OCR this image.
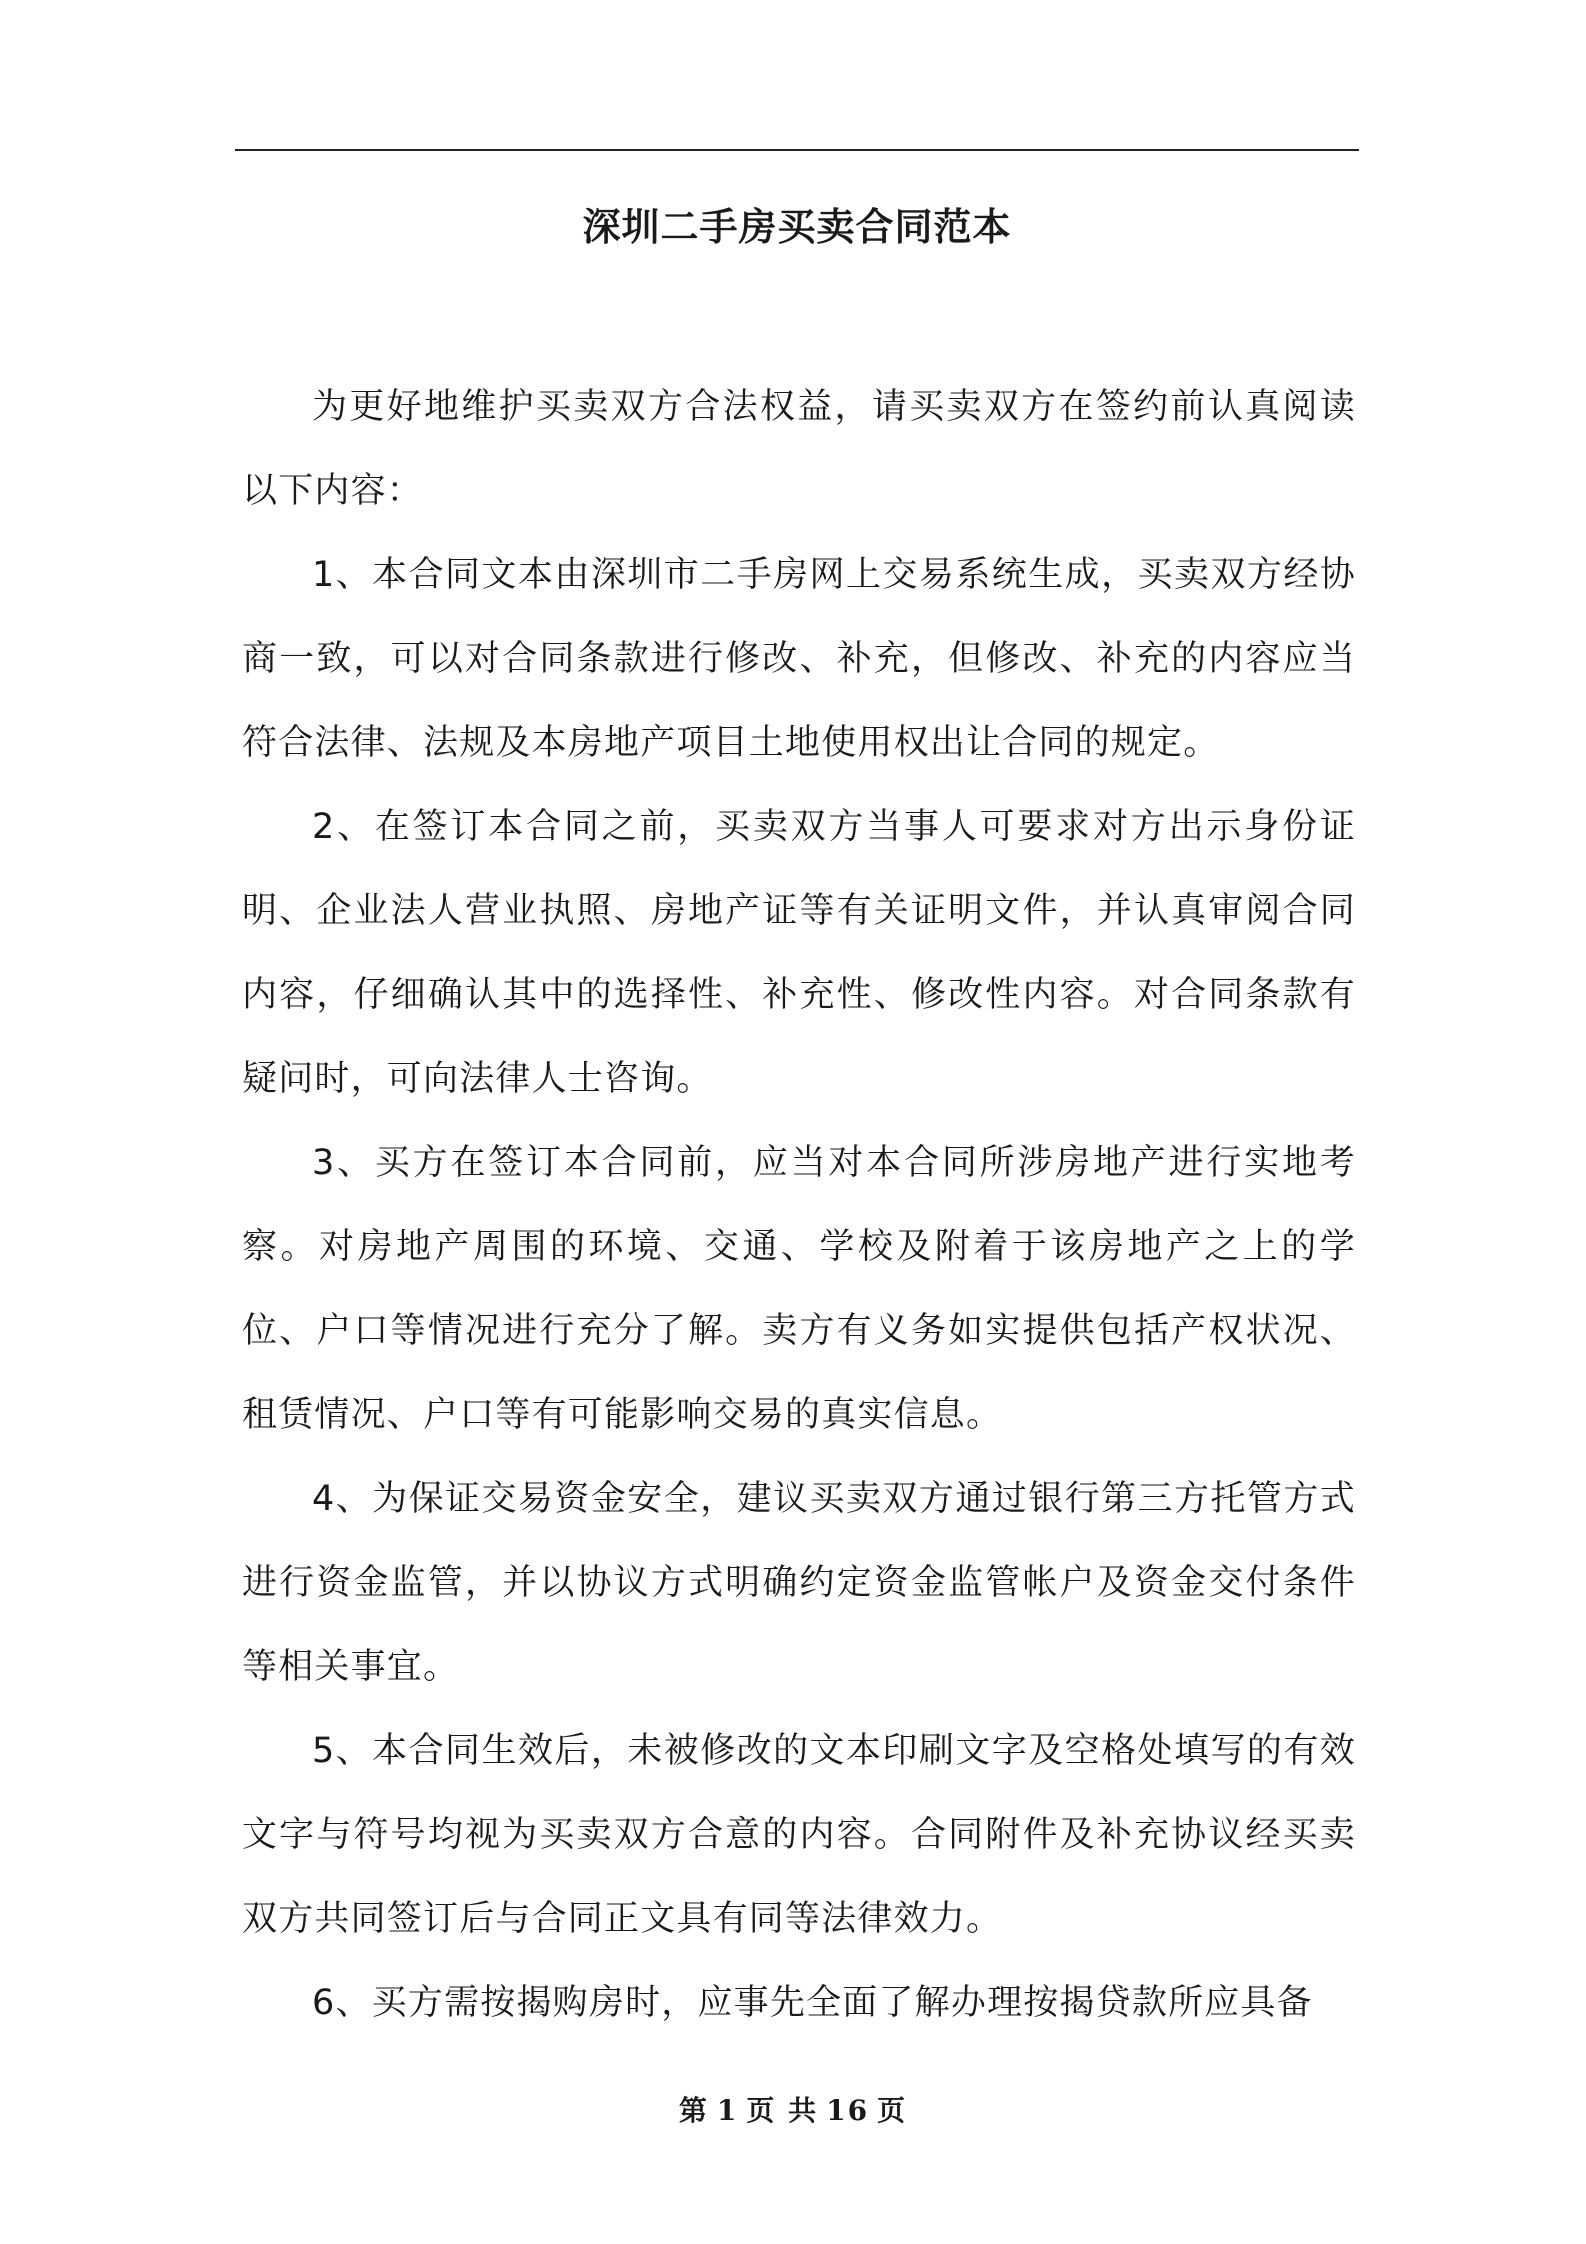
深圳二手房买卖合同范本

为更好地维护买卖双方合法权益，请买卖双方在签约前认真阅读以下内容：

1、本合同文本由深圳市二手房网上交易系统生成，买卖双方经协商一致，可以对合同条款进行修改、补充，但修改、补充的内容应当符合法律、法规及本房地产项目土地使用权出让合同的规定。

2、在签订本合同之前，买卖双方当事人可要求对方出示身份证明、企业法人营业执照、房地产证等有关证明文件，并认真审阅合同内容，仔细确认其中的选择性、补充性、修改性内容。对合同条款有疑问时，可向法律人士咨询。

3、买方在签订本合同前，应当对本合同所涉房地产进行实地考察。对房地产周围的环境、交通、学校及附着于该房地产之上的学位、户口等情况进行充分了解。卖方有义务如实提供包括产权状况、租赁情况、户口等有可能影响交易的真实信息。

4、为保证交易资金安全，建议买卖双方通过银行第三方托管方式进行资金监管，并以协议方式明确约定资金监管帐户及资金交付条件等相关事宜。

5、本合同生效后，未被修改的文本印刷文字及空格处填写的有效文字与符号均视为买卖双方合意的内容。合同附件及补充协议经买卖双方共同签订后与合同正文具有同等法律效力。

6、买方需按揭购房时，应事先全面了解办理按揭贷款所应具备

第 1 页 共 16 页
